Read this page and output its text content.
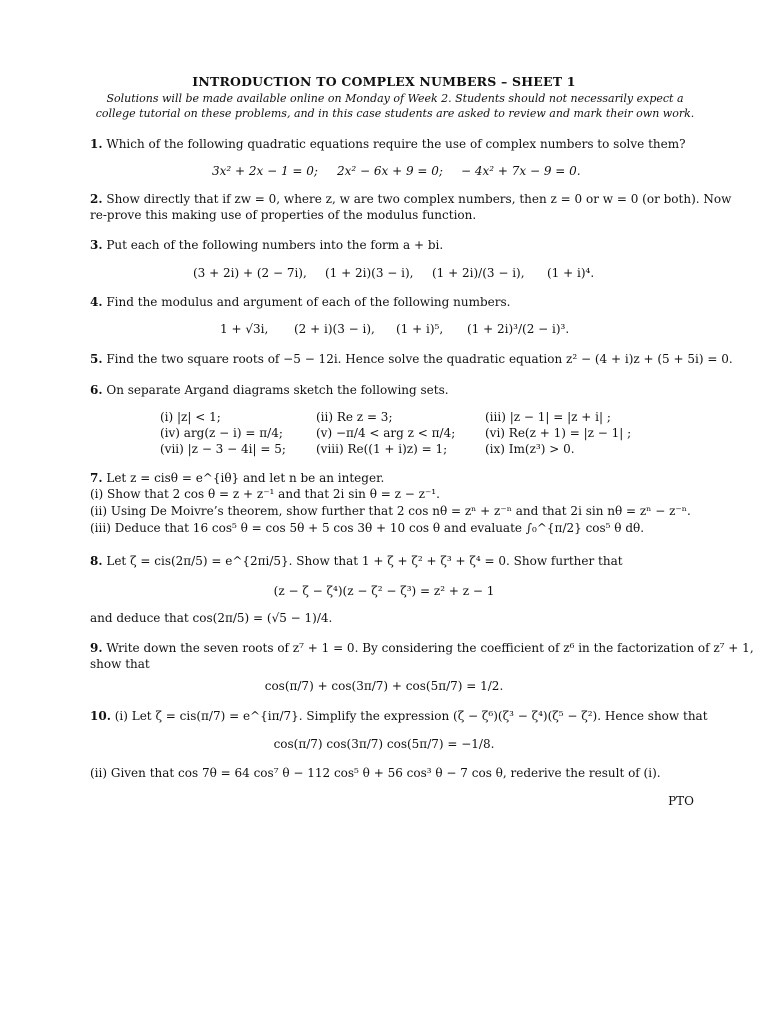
INTRODUCTION TO COMPLEX NUMBERS – SHEET 1
Solutions will be made available online on Monday of Week 2. Students should not necessarily expect a college tutorial on these problems, and in this case students are asked to review and mark their own work.
1. Which of the following quadratic equations require the use of complex numbers to solve them?
3x² + 2x − 1 = 0; 2x² − 6x + 9 = 0; − 4x² + 7x − 9 = 0.
2. Show directly that if zw = 0, where z, w are two complex numbers, then z = 0 or w = 0 (or both). Now
re-prove this making use of properties of the modulus function.
3. Put each of the following numbers into the form a + bi.
(3 + 2i) + (2 − 7i), (1 + 2i)(3 − i), (1 + 2i)/(3 − i), (1 + i)⁴.
4. Find the modulus and argument of each of the following numbers.
1 + √3i, (2 + i)(3 − i), (1 + i)⁵, (1 + 2i)³/(2 − i)³.
5. Find the two square roots of −5 − 12i. Hence solve the quadratic equation z² − (4 + i)z + (5 + 5i) = 0.
6. On separate Argand diagrams sketch the following sets.
(i) |z| < 1;	(ii) Re z = 3;	(iii) |z − 1| = |z + i| ;
(iv) arg(z − i) = π/4;	(v) −π/4 < arg z < π/4; (vi) Re(z + 1) = |z − 1| ;
(vii) |z − 3 − 4i| = 5;	(viii) Re((1 + i)z) = 1;	(ix) Im(z³) > 0.
7. Let z = cisθ = e^{iθ} and let n be an integer.
(i) Show that 2 cos θ = z + z⁻¹ and that 2i sin θ = z − z⁻¹.
(ii) Using De Moivre’s theorem, show further that 2 cos nθ = zⁿ + z⁻ⁿ and that 2i sin nθ = zⁿ − z⁻ⁿ.
(iii) Deduce that 16 cos⁵ θ = cos 5θ + 5 cos 3θ + 10 cos θ and evaluate ∫₀^{π/2} cos⁵ θ dθ.
8. Let ζ = cis(2π/5) = e^{2πi/5}. Show that 1 + ζ + ζ² + ζ³ + ζ⁴ = 0. Show further that
(z − ζ − ζ⁴)(z − ζ² − ζ³) = z² + z − 1
and deduce that cos(2π/5) = (√5 − 1)/4.
9. Write down the seven roots of z⁷ + 1 = 0. By considering the coefficient of z⁶ in the factorization of z⁷ + 1,
show that
cos(π/7) + cos(3π/7) + cos(5π/7) = 1/2.
10. (i) Let ζ = cis(π/7) = e^{iπ/7}. Simplify the expression (ζ − ζ⁶)(ζ³ − ζ⁴)(ζ⁵ − ζ²). Hence show that
cos(π/7) cos(3π/7) cos(5π/7) = −1/8.
(ii) Given that cos 7θ = 64 cos⁷ θ − 112 cos⁵ θ + 56 cos³ θ − 7 cos θ, rederive the result of (i).
PTO
